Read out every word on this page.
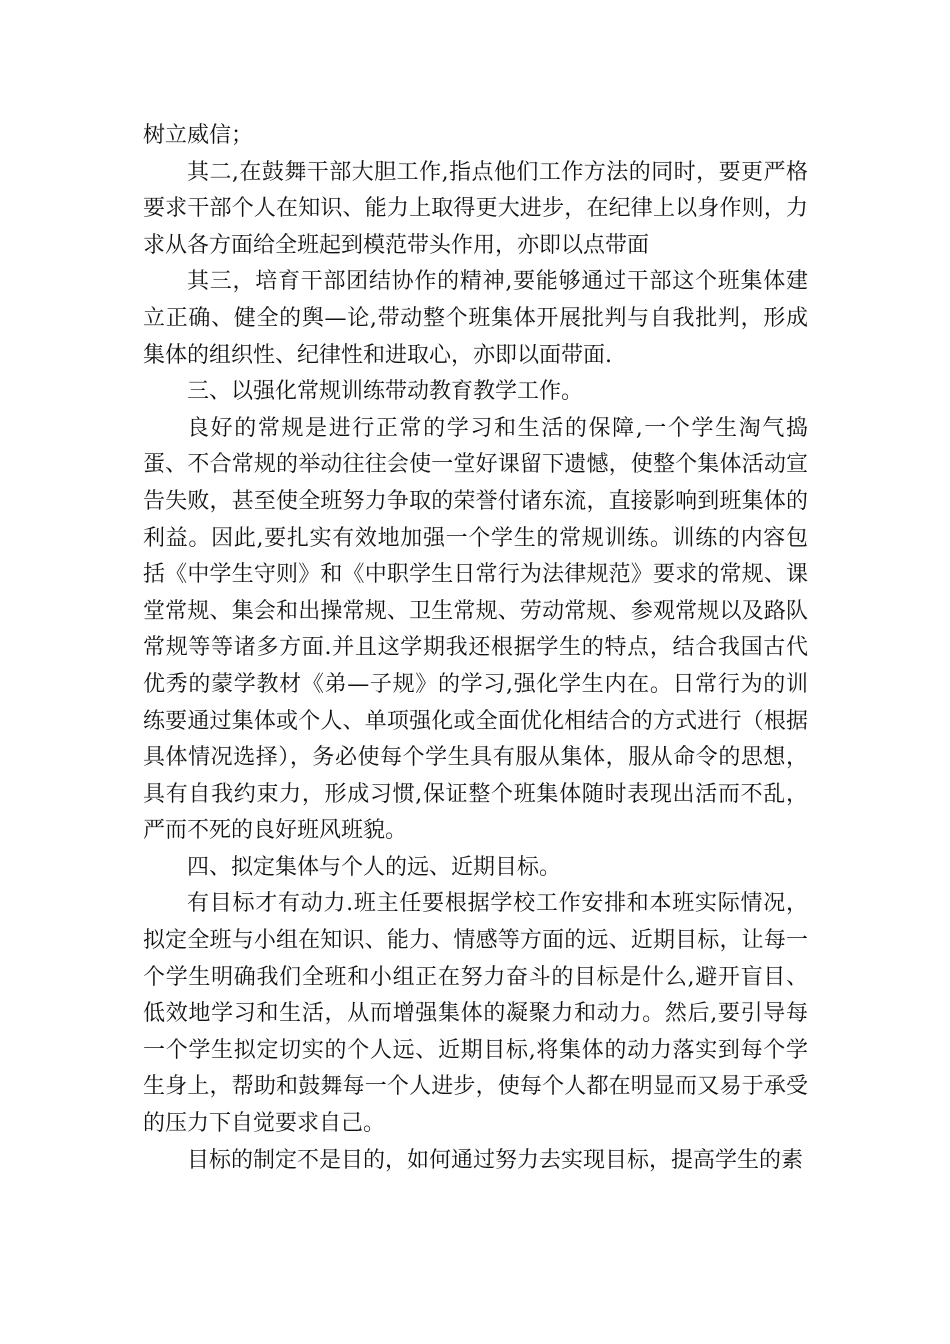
树立威信；

其二,在鼓舞干部大胆工作,指点他们工作方法的同时，要更严格要求干部个人在知识、能力上取得更大进步，在纪律上以身作则，力求从各方面给全班起到模范带头作用，亦即以点带面

其三，培育干部团结协作的精神,要能够通过干部这个班集体建立正确、健全的舆—论,带动整个班集体开展批判与自我批判，形成集体的组织性、纪律性和进取心，亦即以面带面.

三、以强化常规训练带动教育教学工作。

良好的常规是进行正常的学习和生活的保障,一个学生淘气捣蛋、不合常规的举动往往会使一堂好课留下遗憾，使整个集体活动宣告失败，甚至使全班努力争取的荣誉付诸东流，直接影响到班集体的利益。因此,要扎实有效地加强一个学生的常规训练。训练的内容包括《中学生守则》和《中职学生日常行为法律规范》要求的常规、课堂常规、集会和出操常规、卫生常规、劳动常规、参观常规以及路队常规等等诸多方面.并且这学期我还根据学生的特点，结合我国古代优秀的蒙学教材《弟—子规》的学习,强化学生内在。日常行为的训练要通过集体或个人、单项强化或全面优化相结合的方式进行（根据具体情况选择），务必使每个学生具有服从集体，服从命令的思想，具有自我约束力，形成习惯,保证整个班集体随时表现出活而不乱，严而不死的良好班风班貌。

四、拟定集体与个人的远、近期目标。

有目标才有动力.班主任要根据学校工作安排和本班实际情况，拟定全班与小组在知识、能力、情感等方面的远、近期目标，让每一个学生明确我们全班和小组正在努力奋斗的目标是什么,避开盲目、低效地学习和生活，从而增强集体的凝聚力和动力。然后,要引导每一个学生拟定切实的个人远、近期目标,将集体的动力落实到每个学生身上，帮助和鼓舞每一个人进步，使每个人都在明显而又易于承受的压力下自觉要求自己。

目标的制定不是目的，如何通过努力去实现目标，提高学生的素
